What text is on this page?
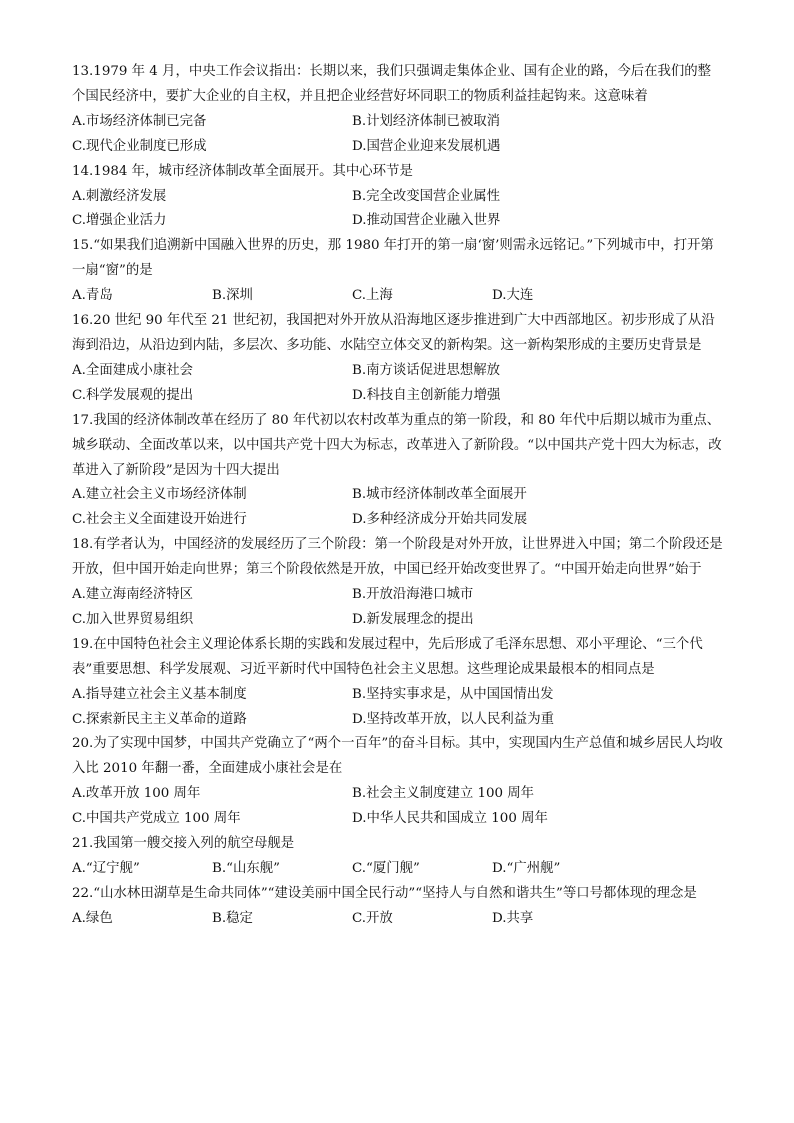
13.1979 年 4 月，中央工作会议指出：长期以来，我们只强调走集体企业、国有企业的路，今后在我们的整个国民经济中，要扩大企业的自主权，并且把企业经营好坏同职工的物质利益挂起钩来。这意味着
A.市场经济体制已完备	B.计划经济体制已被取消
C.现代企业制度已形成	D.国营企业迎来发展机遇
14.1984 年，城市经济体制改革全面展开。其中心环节是
A.刺激经济发展	B.完全改变国营企业属性
C.增强企业活力	D.推动国营企业融入世界
15.“如果我们追溯新中国融入世界的历史，那 1980 年打开的第一扇‘窗’则需永远铭记。”下列城市中，打开第一扇“窗”的是
A.青岛	B.深圳	C.上海	D.大连
16.20 世纪 90 年代至 21 世纪初，我国把对外开放从沿海地区逐步推进到广大中西部地区。初步形成了从沿海到沿边，从沿边到内陆，多层次、多功能、水陆空立体交叉的新构架。这一新构架形成的主要历史背景是
A.全面建成小康社会	B.南方谈话促进思想解放
C.科学发展观的提出	D.科技自主创新能力增强
17.我国的经济体制改革在经历了 80 年代初以农村改革为重点的第一阶段，和 80 年代中后期以城市为重点、城乡联动、全面改革以来，以中国共产党十四大为标志，改革进入了新阶段。“以中国共产党十四大为标志，改革进入了新阶段”是因为十四大提出
A.建立社会主义市场经济体制	B.城市经济体制改革全面展开
C.社会主义全面建设开始进行	D.多种经济成分开始共同发展
18.有学者认为，中国经济的发展经历了三个阶段：第一个阶段是对外开放，让世界进入中国；第二个阶段还是开放，但中国开始走向世界；第三个阶段依然是开放，中国已经开始改变世界了。“中国开始走向世界”始于
A.建立海南经济特区	B.开放沿海港口城市
C.加入世界贸易组织	D.新发展理念的提出
19.在中国特色社会主义理论体系长期的实践和发展过程中，先后形成了毛泽东思想、邓小平理论、“三个代表”重要思想、科学发展观、习近平新时代中国特色社会主义思想。这些理论成果最根本的相同点是
A.指导建立社会主义基本制度	B.坚持实事求是，从中国国情出发
C.探索新民主主义革命的道路	D.坚持改革开放，以人民利益为重
20.为了实现中国梦，中国共产党确立了“两个一百年”的奋斗目标。其中，实现国内生产总值和城乡居民人均收入比 2010 年翻一番，全面建成小康社会是在
A.改革开放 100 周年	B.社会主义制度建立 100 周年
C.中国共产党成立 100 周年	D.中华人民共和国成立 100 周年
21.我国第一艘交接入列的航空母舰是
A.“辽宁舰”	B.“山东舰”	C.“厦门舰”	D.“广州舰”
22.“山水林田湖草是生命共同体”“建设美丽中国全民行动”“坚持人与自然和谐共生”等口号都体现的理念是
A.绿色	B.稳定	C.开放	D.共享
